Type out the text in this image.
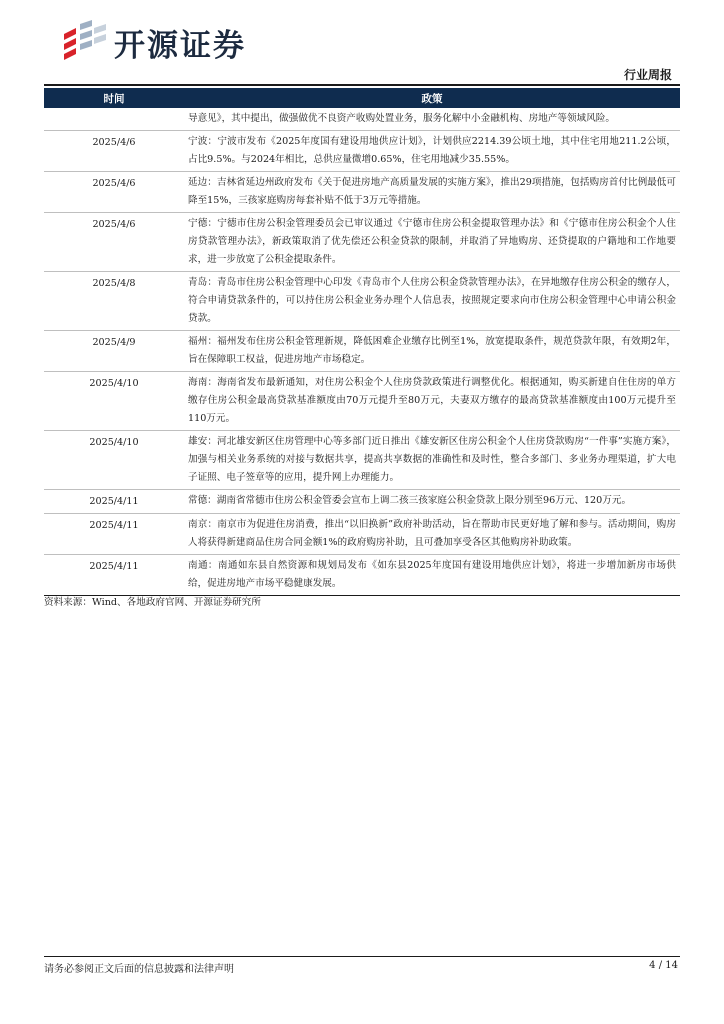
开源证券
行业周报
时间	政策
	导意见》，其中提出，做强做优不良资产收购处置业务，服务化解中小金融机构、房地产等领域风险。
2025/4/6	宁波：宁波市发布《2025年度国有建设用地供应计划》，计划供应2214.39公顷土地，其中住宅用地211.2公顷，占比9.5%。与2024年相比，总供应量微增0.65%，住宅用地减少35.55%。
2025/4/6	延边：吉林省延边州政府发布《关于促进房地产高质量发展的实施方案》，推出29项措施，包括购房首付比例最低可降至15%，三孩家庭购房每套补贴不低于3万元等措施。
2025/4/6	宁德：宁德市住房公积金管理委员会已审议通过《宁德市住房公积金提取管理办法》和《宁德市住房公积金个人住房贷款管理办法》，新政策取消了优先偿还公积金贷款的限制，并取消了异地购房、还贷提取的户籍地和工作地要求，进一步放宽了公积金提取条件。
2025/4/8	青岛：青岛市住房公积金管理中心印发《青岛市个人住房公积金贷款管理办法》，在异地缴存住房公积金的缴存人，符合申请贷款条件的，可以持住房公积金业务办理个人信息表，按照规定要求向市住房公积金管理中心申请公积金贷款。
2025/4/9	福州：福州发布住房公积金管理新规，降低困难企业缴存比例至1%，放宽提取条件，规范贷款年限，有效期2年，旨在保障职工权益，促进房地产市场稳定。
2025/4/10	海南：海南省发布最新通知，对住房公积金个人住房贷款政策进行调整优化。根据通知，购买新建自住住房的单方缴存住房公积金最高贷款基准额度由70万元提升至80万元，夫妻双方缴存的最高贷款基准额度由100万元提升至110万元。
2025/4/10	雄安：河北雄安新区住房管理中心等多部门近日推出《雄安新区住房公积金个人住房贷款购房“一件事”实施方案》，加强与相关业务系统的对接与数据共享，提高共享数据的准确性和及时性，整合多部门、多业务办理渠道，扩大电子证照、电子签章等的应用，提升网上办理能力。
2025/4/11	常德：湖南省常德市住房公积金管委会宣布上调二孩三孩家庭公积金贷款上限分别至96万元、120万元。
2025/4/11	南京：南京市为促进住房消费，推出“以旧换新”政府补助活动，旨在帮助市民更好地了解和参与。活动期间，购房人将获得新建商品住房合同金额1%的政府购房补助，且可叠加享受各区其他购房补助政策。
2025/4/11	南通：南通如东县自然资源和规划局发布《如东县2025年度国有建设用地供应计划》，将进一步增加新房市场供给，促进房地产市场平稳健康发展。
资料来源：Wind、各地政府官网、开源证券研究所
请务必参阅正文后面的信息披露和法律声明	4 / 14
